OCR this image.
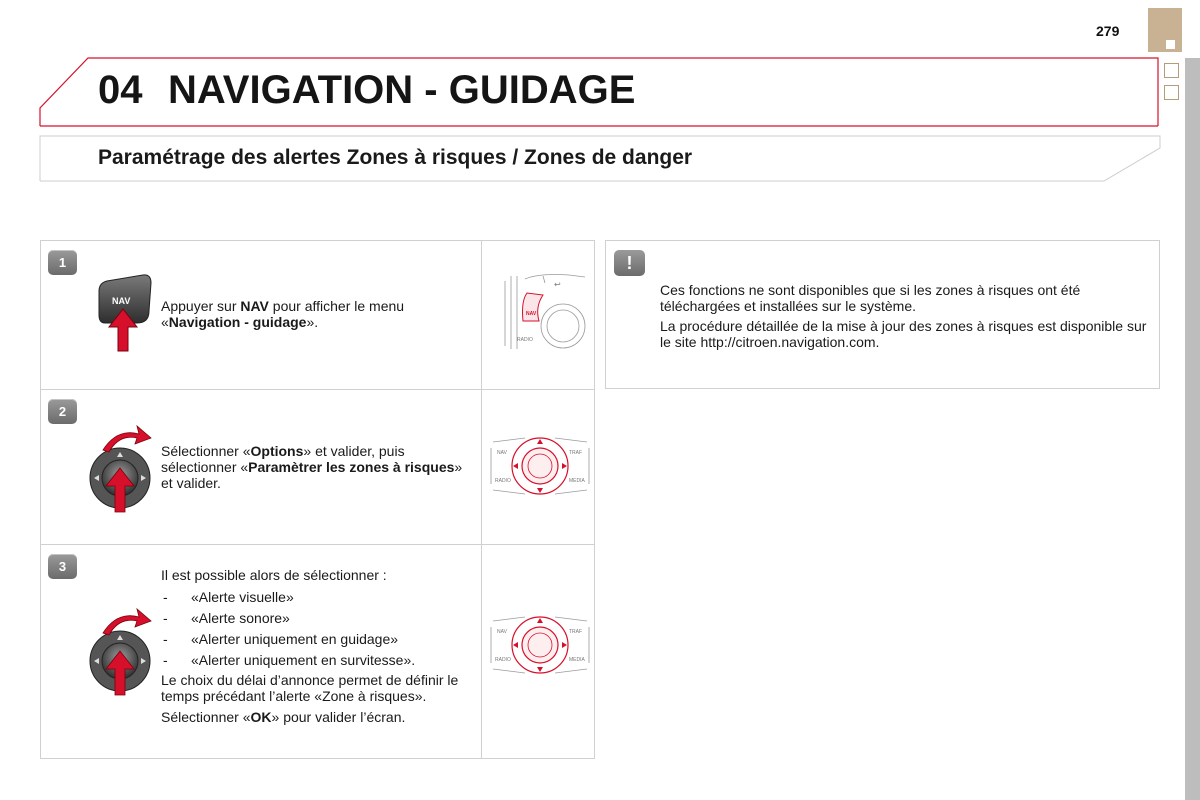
279
04 NAVIGATION - GUIDAGE
Paramétrage des alertes Zones à risques / Zones de danger
1
NAV Appuyer sur NAV pour afficher le menu «Navigation - guidage».	NAV
RADIO
↩
2
Sélectionner «Options» et valider, puis sélectionner «Paramètrer les zones à risques» et valider.
NAV	TRAF
RADIO	MEDIA
3

Il est possible alors de sélectionner :

- «Alerte visuelle»
- «Alerte sonore»
- «Alerter uniquement en guidage»
- «Alerter uniquement en survitesse».

Le choix du délai d’annonce permet de définir le temps précédant l’alerte «Zone à risques».

Sélectionner «OK» pour valider l’écran.

NAV	TRAF
RADIO	MEDIA
!

Ces fonctions ne sont disponibles que si les zones à risques ont été téléchargées et installées sur le système.

La procédure détaillée de la mise à jour des zones à risques est disponible sur le site http://citroen.navigation.com.
